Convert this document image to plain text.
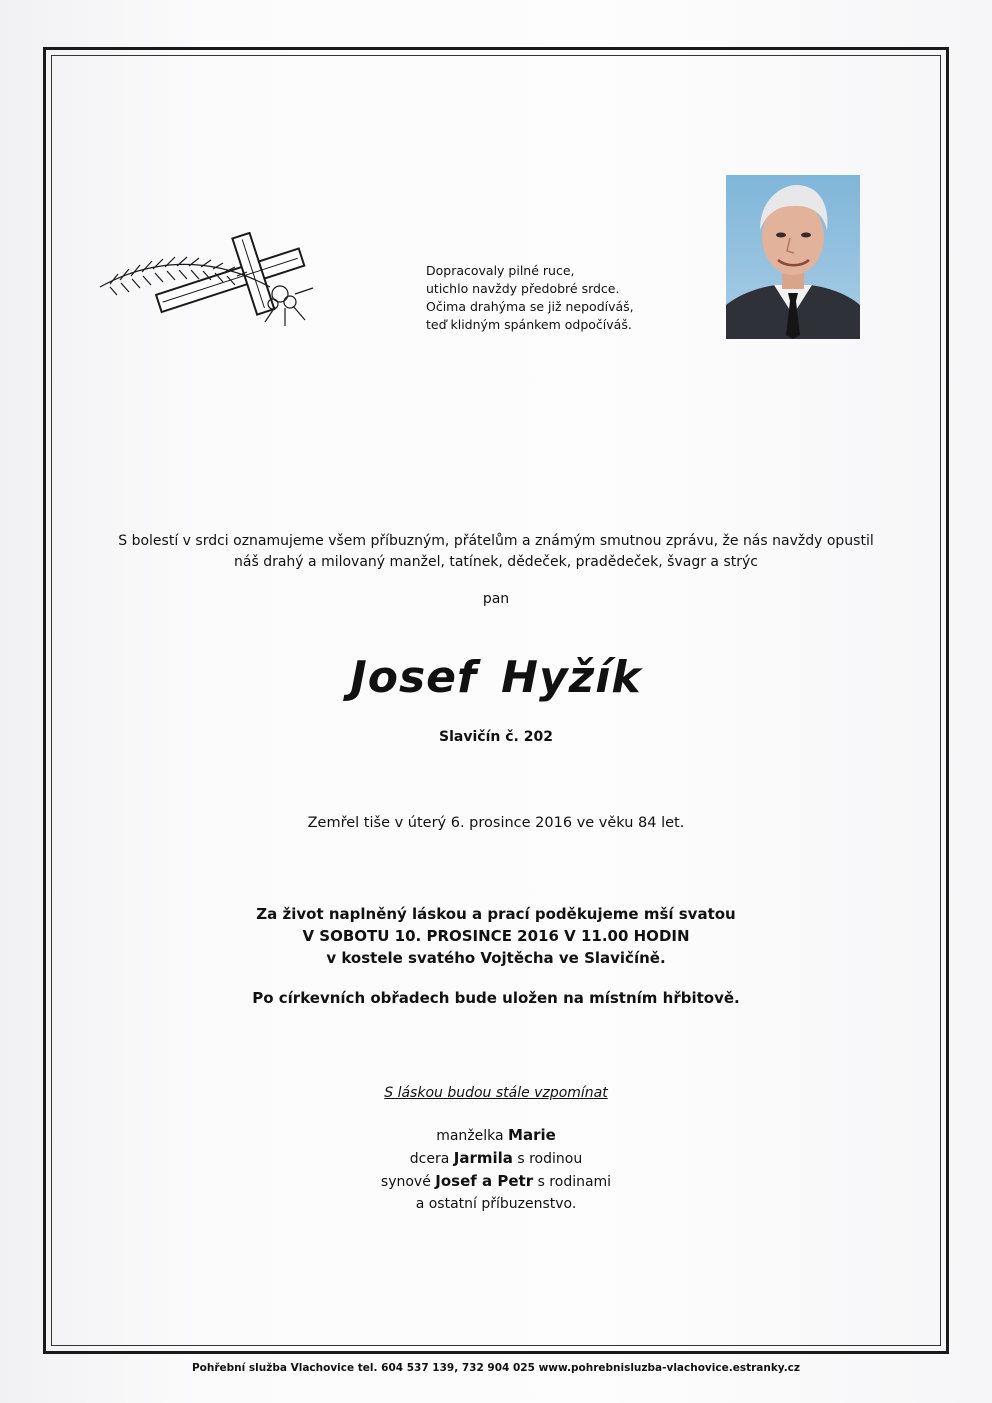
Dopracovaly pilné ruce,
utichlo navždy předobré srdce.
Očima drahýma se již nepodíváš,
teď klidným spánkem odpočíváš.
S bolestí v srdci oznamujeme všem příbuzným, přátelům a známým smutnou zprávu, že nás navždy opustil
náš drahý a milovaný manžel, tatínek, dědeček, pradědeček, švagr a strýc
pan
Josef Hyžík
Slavičín č. 202
Zemřel tiše v úterý 6. prosince 2016 ve věku 84 let.
Za život naplněný láskou a prací poděkujeme mší svatou
V SOBOTU 10. PROSINCE 2016 V 11.00 HODIN
v kostele svatého Vojtěcha ve Slavičíně.
Po církevních obřadech bude uložen na místním hřbitově.
S láskou budou stále vzpomínat
manželka Marie
dcera Jarmila s rodinou
synové Josef a Petr s rodinami
a ostatní příbuzenstvo.
Pohřební služba Vlachovice tel. 604 537 139, 732 904 025 www.pohrebnisluzba-vlachovice.estranky.cz
